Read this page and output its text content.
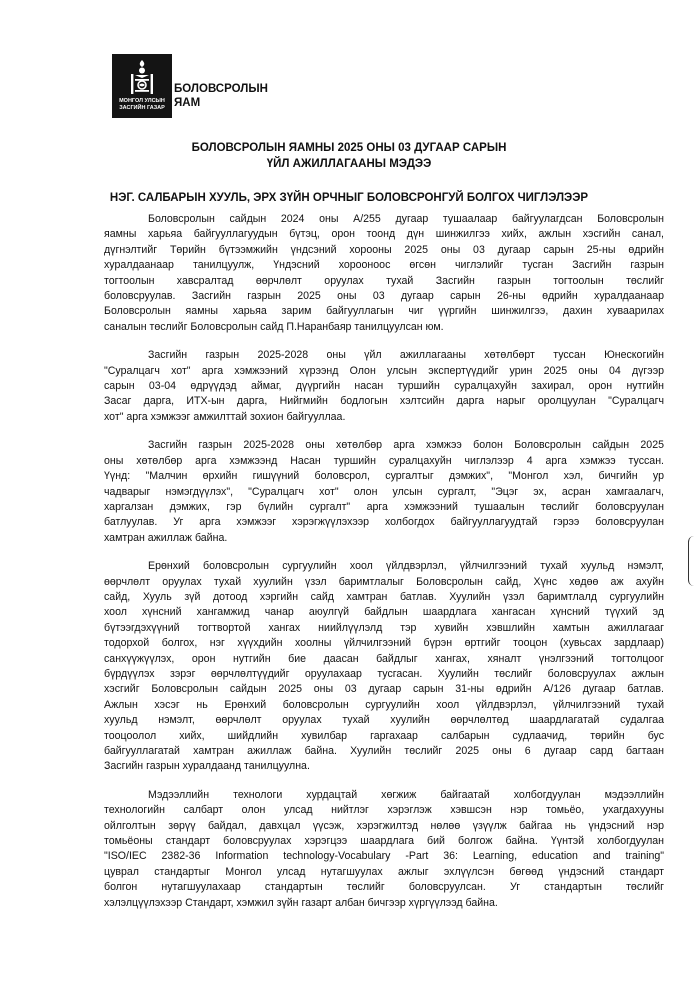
МОНГОЛ УЛСЫН
ЗАСГИЙН ГАЗАР
БОЛОВСРОЛЫН
ЯАМ
БОЛОВСРОЛЫН ЯАМНЫ 2025 ОНЫ 03 ДУГААР САРЫН
ҮЙЛ АЖИЛЛАГААНЫ МЭДЭЭ
НЭГ. САЛБАРЫН ХУУЛЬ, ЭРХ ЗҮЙН ОРЧНЫГ БОЛОВСРОНГУЙ БОЛГОХ ЧИГЛЭЛЭЭР

Боловсролын сайдын 2024 оны А/255 дугаар тушаалаар байгуулагдсан Боловсролын
яамны харьяа байгууллагуудын бүтэц, орон тоонд дүн шинжилгээ хийх, ажлын хэсгийн санал,
дүгнэлтийг Төрийн бүтээмжийн үндсэний хорооны 2025 оны 03 дугаар сарын 25-ны өдрийн
хуралдаанаар танилцуулж, Үндэсний хорооноос өгсөн чиглэлийг тусган Засгийн газрын
тогтоолын хавсралтад өөрчлөлт оруулах тухай Засгийн газрын тогтоолын төслийг
боловсруулав. Засгийн газрын 2025 оны 03 дугаар сарын 26-ны өдрийн хуралдаанаар
Боловсролын яамны харьяа зарим байгууллагын чиг үүргийн шинжилгээ, дахин хуваарилах
саналын төслийг Боловсролын сайд П.Наранбаяр танилцуулсан юм.

Засгийн газрын 2025-2028 оны үйл ажиллагааны хөтөлбөрт туссан Юнескогийн
"Суралцагч хот" арга хэмжээний хүрээнд Олон улсын экспертүүдийг урин 2025 оны 04 дүгээр
сарын 03-04 өдрүүдэд аймаг, дүүргийн насан туршийн суралцахуйн захирал, орон нутгийн
Засаг дарга, ИТХ-ын дарга, Нийгмийн бодлогын хэлтсийн дарга нарыг оролцуулан "Суралцагч
хот" арга хэмжээг амжилттай зохион байгууллаа.

Засгийн газрын 2025-2028 оны хөтөлбөр арга хэмжээ болон Боловсролын сайдын 2025
оны хөтөлбөр арга хэмжээнд Насан туршийн суралцахуйн чиглэлээр 4 арга хэмжээ туссан.
Үүнд: "Малчин өрхийн гишүүний боловсрол, сургалтыг дэмжих", "Монгол хэл, бичгийн ур
чадварыг нэмэгдүүлэх", "Суралцагч хот" олон улсын сургалт, "Эцэг эх, асран хамгаалагч,
харгалзан дэмжих, гэр бүлийн сургалт" арга хэмжээний тушаалын төслийг боловсруулан
батлуулав. Уг арга хэмжээг хэрэгжүүлэхээр холбогдох байгууллагуудтай гэрээ боловсруулан
хамтран ажиллаж байна.

Ерөнхий боловсролын сургуулийн хоол үйлдвэрлэл, үйлчилгээний тухай хуульд нэмэлт,
өөрчлөлт оруулах тухай хуулийн үзэл баримтлалыг Боловсролын сайд, Хүнс хөдөө аж ахуйн
сайд, Хууль зүй дотоод хэргийн сайд хамтран батлав. Хуулийн үзэл баримтлалд сургуулийн
хоол хүнсний хангамжид чанар аюулгүй байдлын шаардлага хангасан хүнсний түүхий эд
бүтээгдэхүүний тогтвортой хангах ниийлүүлэлд тэр хувийн хэвшлийн хамтын ажиллагааг
тодорхой болгох, нэг хүүхдийн хоолны үйлчилгээний бүрэн өртгийг тооцон (хувьсах зардлаар)
санхүүжүүлэх, орон нутгийн бие даасан байдлыг хангах, хяналт үнэлгээний тогтолцоог
бүрдүүлэх зэрэг өөрчлөлтүүдийг оруулахаар тусгасан. Хуулийн төслийг боловсруулах ажлын
хэсгийг Боловсролын сайдын 2025 оны 03 дугаар сарын 31-ны өдрийн А/126 дугаар батлав.
Ажлын хэсэг нь Ерөнхий боловсролын сургуулийн хоол үйлдвэрлэл, үйлчилгээний тухай
хуульд нэмэлт, өөрчлөлт оруулах тухай хуулийн өөрчлөлтөд шаардлагатай судалгаа
тооцоолол хийх, шийдлийн хувилбар гаргахаар салбарын судлаачид, төрийн бус
байгууллагатай хамтран ажиллаж байна. Хуулийн төслийг 2025 оны 6 дугаар сард багтаан
Засгийн газрын хуралдаанд танилцуулна.

Мэдээллийн технологи хурдацтай хөгжиж байгаатай холбогдуулан мэдээллийн
технологийн салбарт олон улсад нийтлэг хэрэглэж хэвшсэн нэр томьёо, ухагдахууны
ойлголтын зөрүү байдал, давхцал үүсэж, хэрэгжилтэд нөлөө үзүүлж байгаа нь үндэсний нэр
томьёоны стандарт боловсруулах хэрэгцээ шаардлага бий болгож байна. Үүнтэй холбогдуулан
"ISO/IEC 2382-36 Information technology-Vocabulary -Part 36: Learning, education and training"
цуврал стандартыг Монгол улсад нутагшуулах ажлыг эхлүүлсэн бөгөөд үндэсний стандарт
болгон нутагшуулахаар стандартын төслийг боловсруулсан. Уг стандартын төслийг
хэлэлцүүлэхээр Стандарт, хэмжил зүйн газарт албан бичгээр хүргүүлээд байна.
